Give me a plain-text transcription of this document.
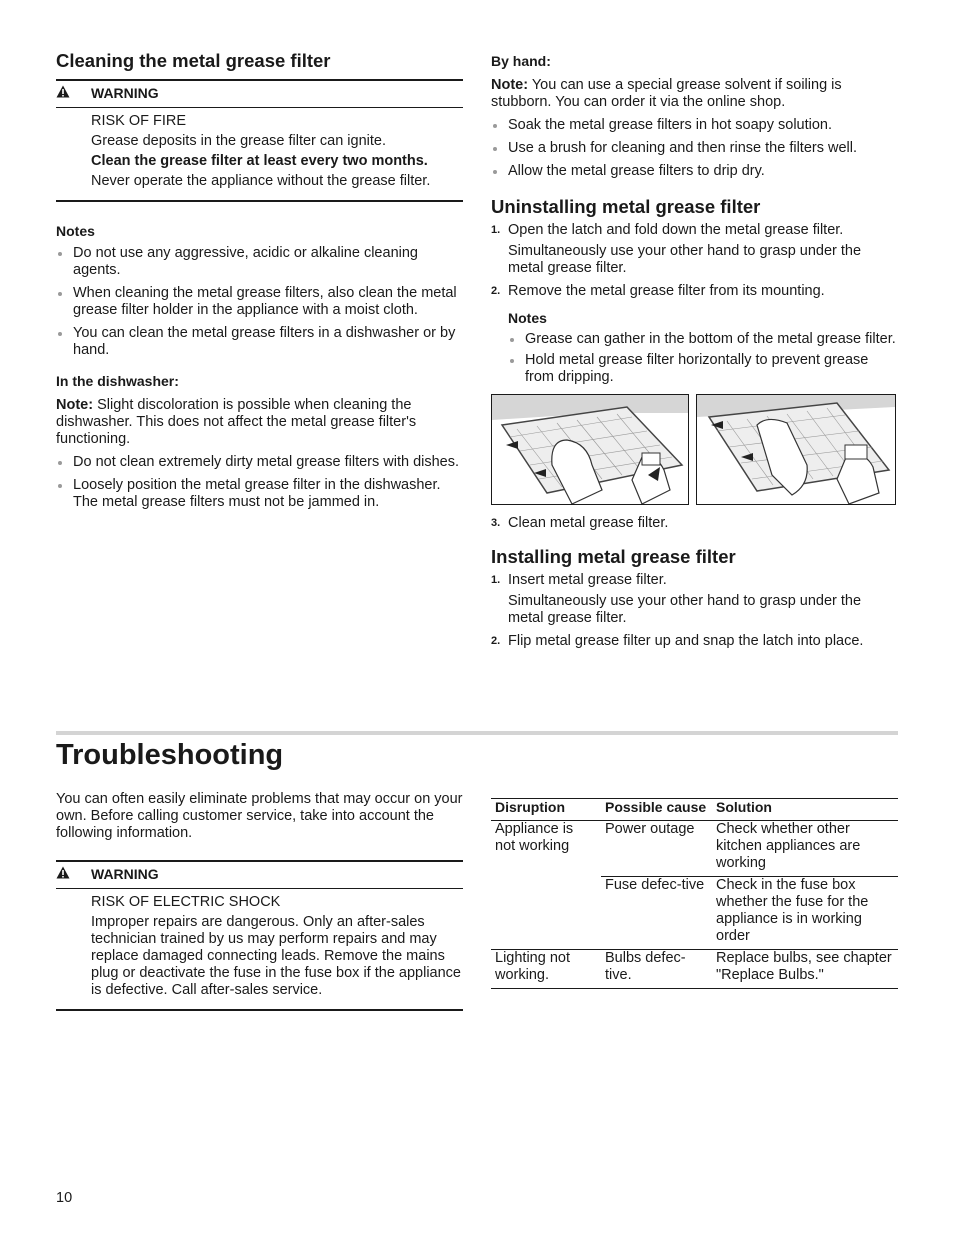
Cleaning the metal grease filter
WARNING

RISK OF FIRE

Grease deposits in the grease filter can ignite.

Clean the grease filter at least every two months.

Never operate the appliance without the grease filter.

Notes

Do not use any aggressive, acidic or alkaline cleaning agents.
When cleaning the metal grease filters, also clean the metal grease filter holder in the appliance with a moist cloth.
You can clean the metal grease filters in a dishwasher or by hand.

In the dishwasher:

Note: Slight discoloration is possible when cleaning the dishwasher. This does not affect the metal grease filter's functioning.

Do not clean extremely dirty metal grease filters with dishes.
Loosely position the metal grease filter in the dishwasher. The metal grease filters must not be jammed in.

By hand:

Note: You can use a special grease solvent if soiling is stubborn. You can order it via the online shop.

Soak the metal grease filters in hot soapy solution.
Use a brush for cleaning and then rinse the filters well.
Allow the metal grease filters to drip dry.
Uninstalling metal grease filter
1. Open the latch and fold down the metal grease filter.

Simultaneously use your other hand to grasp under the metal grease filter.

2. Remove the metal grease filter from its mounting.

Notes

Grease can gather in the bottom of the metal grease filter.
Hold metal grease filter horizontally to prevent grease from dripping.
3. Clean metal grease filter.
Installing metal grease filter
1. Insert metal grease filter.

Simultaneously use your other hand to grasp under the metal grease filter.

2. Flip metal grease filter up and snap the latch into place.
Troubleshooting

You can often easily eliminate problems that may occur on your own. Before calling customer service, take into account the following information.

WARNING

RISK OF ELECTRIC SHOCK

Improper repairs are dangerous. Only an after-sales technician trained by us may perform repairs and may replace damaged connecting leads. Remove the mains plug or deactivate the fuse in the fuse box if the appliance is defective. Call after-sales service.

Disruption	Possible cause	Solution
Appliance is not working	Power outage	Check whether other kitchen appliances are working
	Fuse defec-tive	Check in the fuse box whether the fuse for the appliance is in working order
Lighting not working.	Bulbs defec-tive.	Replace bulbs, see chapter "Replace Bulbs."
10
